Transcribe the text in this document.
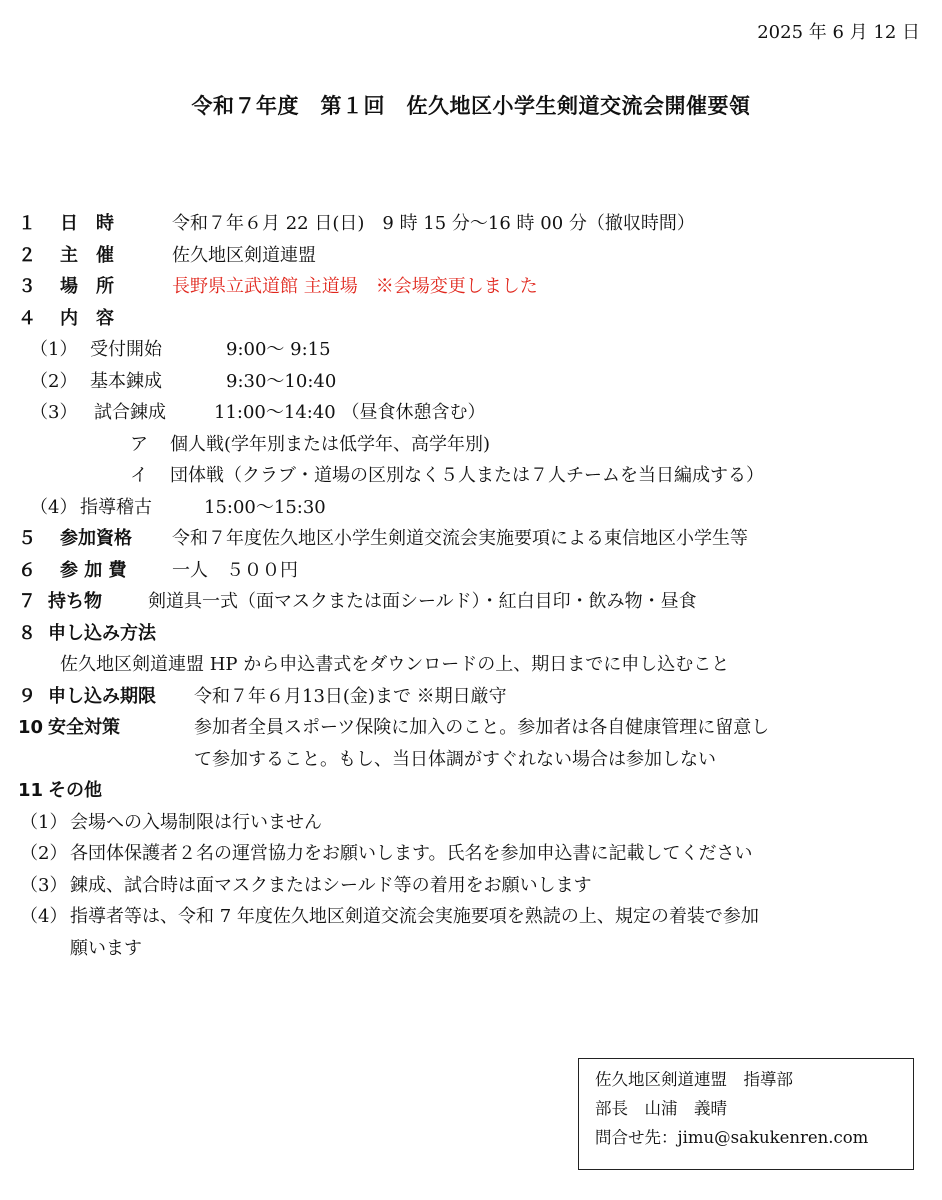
2025 年 6 月 12 日
令和７年度　第１回　佐久地区小学生剣道交流会開催要領
１ 日　時	令和７年６月 22 日(日)　9 時 15 分～16 時 00 分（撤収時間）
２ 主　催	佐久地区剣道連盟
３ 場　所	長野県立武道館 主道場　※会場変更しました
４ 内　容
（1） 受付開始	9:00～ 9:15
（2） 基本錬成	9:30～10:40
（3） 試合錬成	11:00～14:40 （昼食休憩含む）
ア 個人戦(学年別または低学年、高学年別)
イ 団体戦（クラブ・道場の区別なく５人または７人チームを当日編成する）
（4） 指導稽古	15:00～15:30
５ 参加資格 令和７年度佐久地区小学生剣道交流会実施要項による東信地区小学生等
６ 参 加 費	一人　５００円
７ 持ち物	剣道具一式（面マスクまたは面シールド）・紅白目印・飲み物・昼食
８ 申し込み方法
佐久地区剣道連盟 HP から申込書式をダウンロードの上、期日までに申し込むこと
９ 申し込み期限 令和７年６月13日(金)まで ※期日厳守
10 安全対策	参加者全員スポーツ保険に加入のこと。参加者は各自健康管理に留意し
て参加すること。もし、当日体調がすぐれない場合は参加しない
11 その他
（1） 会場への入場制限は行いません
（2） 各団体保護者２名の運営協力をお願いします。氏名を参加申込書に記載してください
（3） 錬成、試合時は面マスクまたはシールド等の着用をお願いします
（4） 指導者等は、令和 7 年度佐久地区剣道交流会実施要項を熟読の上、規定の着装で参加
願います
佐久地区剣道連盟　指導部
部長　山浦　義晴
問合せ先：jimu@sakukenren.com
